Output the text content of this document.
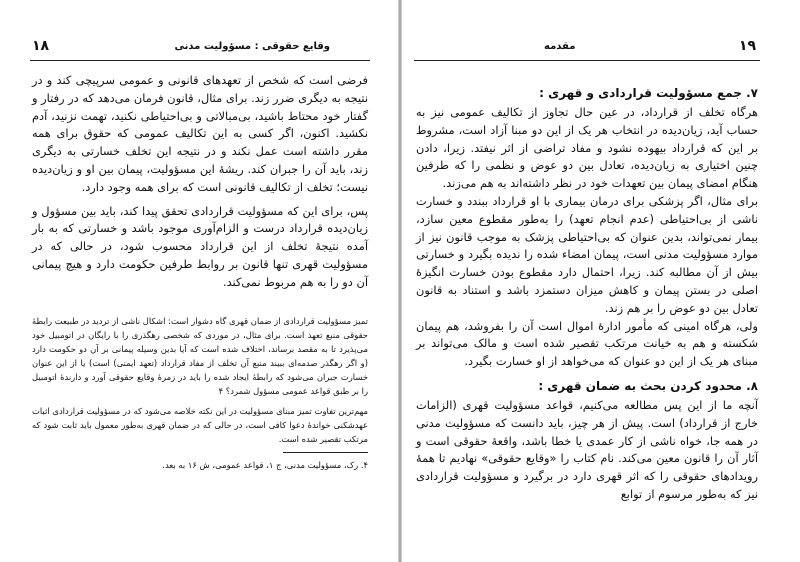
۱۸	وقایع حقوقی : مسؤولیت مدنی

فرضی است که شخص از تعهدهای قانونی و عمومی سرپیچی کند و در نتیجه به دیگری ضرر زند. برای مثال، قانون فرمان می‌دهد که در رفتار و گفتار خود محتاط باشید، بی‌مبالاتی و بی‌احتیاطی نکنید، تهمت نزنید، آدم نکشید. اکنون، اگر کسی به این تکالیف عمومی که حقوق برای همه مقرر داشته است عمل نکند و در نتیجه این تخلف خسارتی به دیگری زند، باید آن را جبران کند. ریشهٔ این مسؤولیت، پیمان بین او و زیان‌دیده نیست؛ تخلف از تکالیف قانونی است که برای همه وجود دارد.

پس، برای این که مسؤولیت قراردادی تحقق پیدا کند، باید بین مسؤول و زیان‌دیده قرارداد درست و الزام‌آوری موجود باشد و خسارتی که به بار آمده نتیجهٔ تخلف از این قرارداد محسوب شود، در حالی که در مسؤولیت قهری تنها قانون بر روابط طرفین حکومت دارد و هیچ پیمانی آن دو را به هم مربوط نمی‌کند.

تمیز مسؤولیت قراردادی از ضمان قهری گاه دشوار است: اشکال ناشی از تردید در طبیعت رابطهٔ حقوقی منبع تعهد است. برای مثال، در موردی که شخصی رهگذری را با رایگان در اتومبیل خود می‌پذیرد تا به مقصد برساند، اختلاف شده است که آیا بدین وسیله پیمانی بر آن دو حکومت دارد (و اگر رهگذر صدمه‌ای ببیند منبع آن تخلف از مفاد قرارداد (تعهد ایمنی) است) یا از این عنوان خسارت جبران می‌شود که رابطهٔ ایجاد شده را باید در زمرهٔ وقایع حقوقی آورد و دارندهٔ اتومبیل را بر طبق قواعد عمومی مسؤول شمرد؟ ۴

مهم‌ترین تفاوت تمیز مبنای مسؤولیت در این نکته خلاصه می‌شود که در مسؤولیت قراردادی اثبات عهدشکنی خواندهٔ دعوا کافی است، در حالی که در ضمان قهری به‌طور معمول باید ثابت شود که مرتکب تقصیر شده است.

۴. رک، مسؤولیت مدنی، ج ۱، قواعد عمومی، ش ۱۶ به بعد.

۱۹
مقدمه

۷. جمع مسؤولیت قراردادی و قهری :

هرگاه تخلف از قرارداد، در عین حال تجاوز از تکالیف عمومی نیز به حساب آید، زیان‌دیده در انتخاب هر یک از این دو مبنا آزاد است، مشروط بر این که قرارداد بیهوده نشود و مفاد تراضی از اثر نیفتد. زیرا، دادن چنین اختیاری به زیان‌دیده، تعادل بین دو عوض و نظمی را که طرفین هنگام امضای پیمان بین تعهدات خود در نظر داشته‌اند به هم می‌زند.

برای مثال، اگر پزشکی برای درمان بیماری با او قرارداد ببندد و خسارت ناشی از بی‌احتیاطی (عدم انجام تعهد) را به‌طور مقطوع معین سازد، بیمار نمی‌تواند، بدین عنوان که بی‌احتیاطی پزشک به موجب قانون نیز از موارد مسؤولیت مدنی است، پیمان امضاء شده را ندیده بگیرد و خسارتی بیش از آن مطالبه کند. زیرا، احتمال دارد مقطوع بودن خسارت انگیزهٔ اصلی در بستن پیمان و کاهش میزان دستمزد باشد و استناد به قانون تعادل بین دو عوض را بر هم زند.

ولی، هرگاه امینی که مأمور ادارهٔ اموال است آن را بفروشد، هم پیمان شکسته و هم به خیانت مرتکب تقصیر شده است و مالک می‌تواند بر مبنای هر یک از این دو عنوان که می‌خواهد از او خسارت بگیرد.

۸. محدود کردن بحث به ضمان قهری :

آنچه ما از این پس مطالعه می‌کنیم، قواعد مسؤولیت قهری (الزامات خارج از قرارداد) است. پیش از هر چیز، باید دانست که مسؤولیت مدنی در همه جا، خواه ناشی از کار عمدی یا خطا باشد، واقعهٔ حقوقی است و آثار آن را قانون معین می‌کند. نام کتاب را «وقایع حقوقی» نهادیم تا همهٔ رویدادهای حقوقی را که اثر قهری دارد در برگیرد و مسؤولیت قراردادی نیز که به‌طور مرسوم از توابع
